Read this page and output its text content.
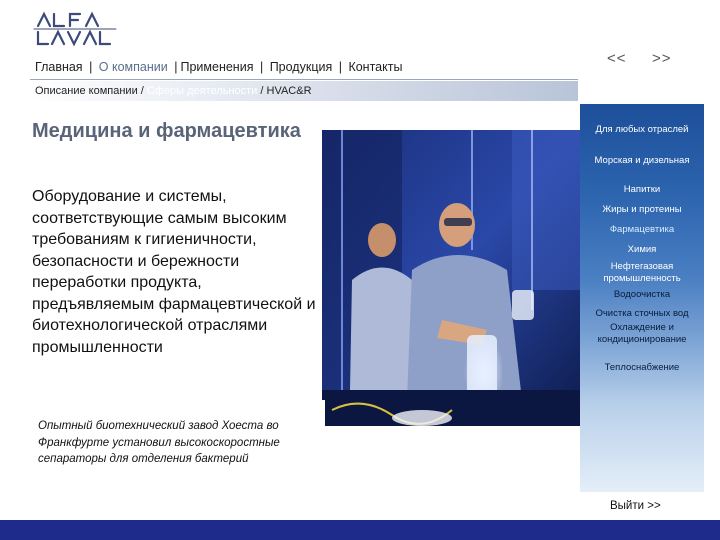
ALFA LAVAL
Главная | О компании | Применения | Продукция | Контакты	<< >>
Описание компании / Сферы деятельности / HVAC&R
Медицина и фармацевтика
Оборудование и системы, соответствующие самым высоким требованиям к гигиеничности, безопасности и бережности переработки продукта, предъявляемым фармацевтической и биотехнологической отраслями промышленности
Опытный биотехнический завод Хоеста во Франкфурте установил высокоскоростные сепараторы для отделения бактерий
Для любых отраслей
Морская и дизельная
Напитки
Жиры и протеины
Фармацевтика
Химия
Нефтегазовая промышленность
Водоочистка
Очистка сточных вод
Охлаждение и кондиционирование
Теплоснабжение
Выйти >>
